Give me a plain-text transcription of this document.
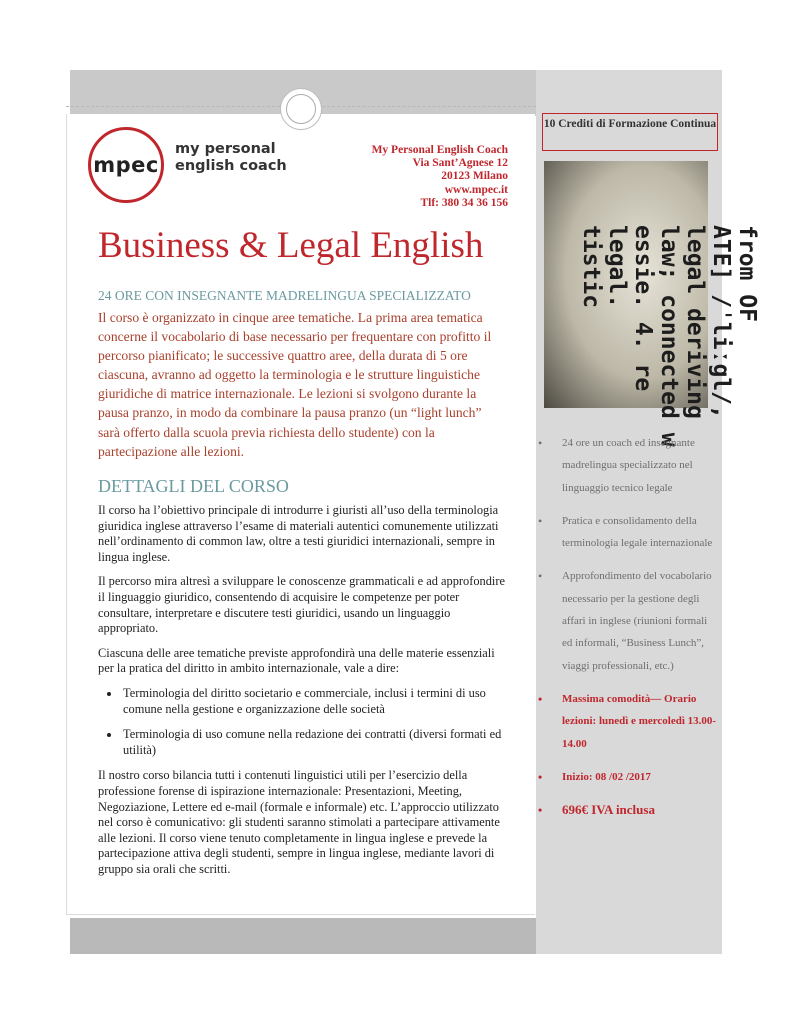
mpec
my personal
english coach
My Personal English Coach
Via Sant’Agnese 12
20123 Milano
www.mpec.it
Tlf: 380 34 36 156
Business & Legal English
24 ORE CON INSEGNANTE MADRELINGUA SPECIALIZZATO
Il corso è organizzato in cinque aree tematiche. La prima area tematica concerne il vocabolario di base necessario per frequentare con profitto il percorso pianificato; le successive quattro aree, della durata di 5 ore ciascuna, avranno ad oggetto la terminologia e le strutture linguistiche giuridiche di matrice internazionale. Le lezioni si svolgono durante la pausa pranzo, in modo da combinare la pausa pranzo (un “light lunch” sarà offerto dalla scuola previa richiesta dello studente) con la partecipazione alle lezioni.
DETTAGLI DEL CORSO

Il corso ha l’obiettivo principale di introdurre i giuristi all’uso della terminologia giuridica inglese attraverso l’esame di materiali autentici comunemente utilizzati nell’ordinamento di common law, oltre a testi giuridici internazionali, sempre in lingua inglese.

Il percorso mira altresì a sviluppare le conoscenze grammaticali e ad approfondire il linguaggio giuridico, consentendo di acquisire le competenze per poter consultare, interpretare e discutere testi giuridici, usando un linguaggio appropriato.

Ciascuna delle aree tematiche previste approfondirà una delle materie essenziali per la pratica del diritto in ambito internazionale, vale a dire:

• Terminologia del diritto societario e commerciale, inclusi i termini di uso comune nella gestione e organizzazione delle società
• Terminologia di uso comune nella redazione dei contratti (diversi formati ed utilità)

Il nostro corso bilancia tutti i contenuti linguistici utili per l’esercizio della professione forense di ispirazione internazionale: Presentazioni, Meeting, Negoziazione, Lettere ed e-mail (formale e informale) etc. L’approccio utilizzato nel corso è comunicativo: gli studenti saranno stimolati a partecipare attivamente alle lezioni. Il corso viene tenuto completamente in lingua inglese e prevede la partecipazione attiva degli studenti, sempre in lingua inglese, mediante lavori di gruppo sia orali che scritti.

10 Crediti di Formazione Continua
from OF
ATE] /ˈliːgl/,
legal deriving
law; connected w
essie. 4. re
legal.
tistic
• 24 ore un coach ed insegnante madrelingua specializzato nel linguaggio tecnico legale
• Pratica e consolidamento della terminologia legale internazionale
• Approfondimento del vocabolario necessario per la gestione degli affari in inglese (riunioni formali ed informali, “Business Lunch”, viaggi professionali, etc.)
• Massima comodità— Orario lezioni: lunedì e mercoledì 13.00-14.00
• Inizio: 08 /02 /2017
• 696€ IVA inclusa
